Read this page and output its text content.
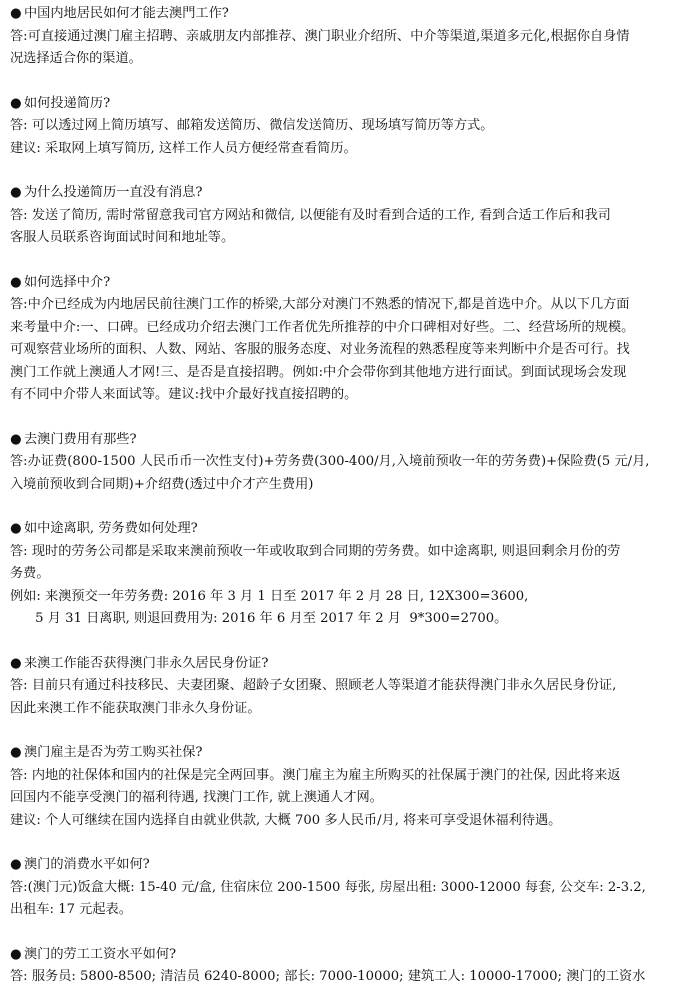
● 中国内地居民如何才能去澳門工作?

答:可直接通过澳门雇主招聘、亲戚朋友内部推荐、澳门职业介绍所、中介等渠道,渠道多元化,根据你自身情

况选择适合你的渠道。

● 如何投递简历?

答: 可以透过网上简历填写、邮箱发送简历、微信发送简历、现场填写简历等方式。

建议: 采取网上填写简历, 这样工作人员方便经常查看简历。

● 为什么投递简历一直没有消息?

答: 发送了简历, 需时常留意我司官方网站和微信, 以便能有及时看到合适的工作, 看到合适工作后和我司

客服人员联系咨询面试时间和地址等。

● 如何选择中介?

答:中介已经成为内地居民前往澳门工作的桥梁,大部分对澳门不熟悉的情况下,都是首选中介。从以下几方面

来考量中介:一、口碑。已经成功介绍去澳门工作者优先所推荐的中介口碑相对好些。二、经营场所的规模。

可观察营业场所的面积、人数、网站、客服的服务态度、对业务流程的熟悉程度等来判断中介是否可行。找

澳门工作就上澳通人才网!三、是否是直接招聘。例如:中介会带你到其他地方进行面试。到面试现场会发现

有不同中介带人来面试等。建议:找中介最好找直接招聘的。

● 去澳门费用有那些?

答:办证费(800-1500 人民币币一次性支付)+劳务费(300-400/月,入境前预收一年的劳务费)+保险费(5 元/月,

入境前预收到合同期)+介绍费(透过中介才产生费用)

● 如中途离职, 劳务费如何处理?

答: 现时的劳务公司都是采取来澳前预收一年或收取到合同期的劳务费。如中途离职, 则退回剩余月份的劳

务费。

例如: 来澳预交一年劳务费: 2016 年 3 月 1 日至 2017 年 2 月 28 日, 12X300=3600,

5 月 31 日离职, 则退回费用为: 2016 年 6 月至 2017 年 2 月  9*300=2700。

● 来澳工作能否获得澳门非永久居民身份证?

答: 目前只有通过科技移民、夫妻团聚、超龄子女团聚、照顾老人等渠道才能获得澳门非永久居民身份证,

因此来澳工作不能获取澳门非永久身份证。

● 澳门雇主是否为劳工购买社保?

答: 内地的社保体和国内的社保是完全两回事。澳门雇主为雇主所购买的社保属于澳门的社保, 因此将来返

回国内不能享受澳门的福利待遇, 找澳门工作, 就上澳通人才网。

建议: 个人可继续在国内选择自由就业供款, 大概 700 多人民币/月, 将来可享受退休福利待遇。

● 澳门的消费水平如何?

答:(澳门元)饭盒大概: 15-40 元/盒, 住宿床位 200-1500 每张, 房屋出租: 3000-12000 每套, 公交车: 2-3.2,

出租车: 17 元起表。

● 澳门的劳工工资水平如何?

答: 服务员: 5800-8500; 清洁员 6240-8000; 部长: 7000-10000; 建筑工人: 10000-17000; 澳门的工资水
